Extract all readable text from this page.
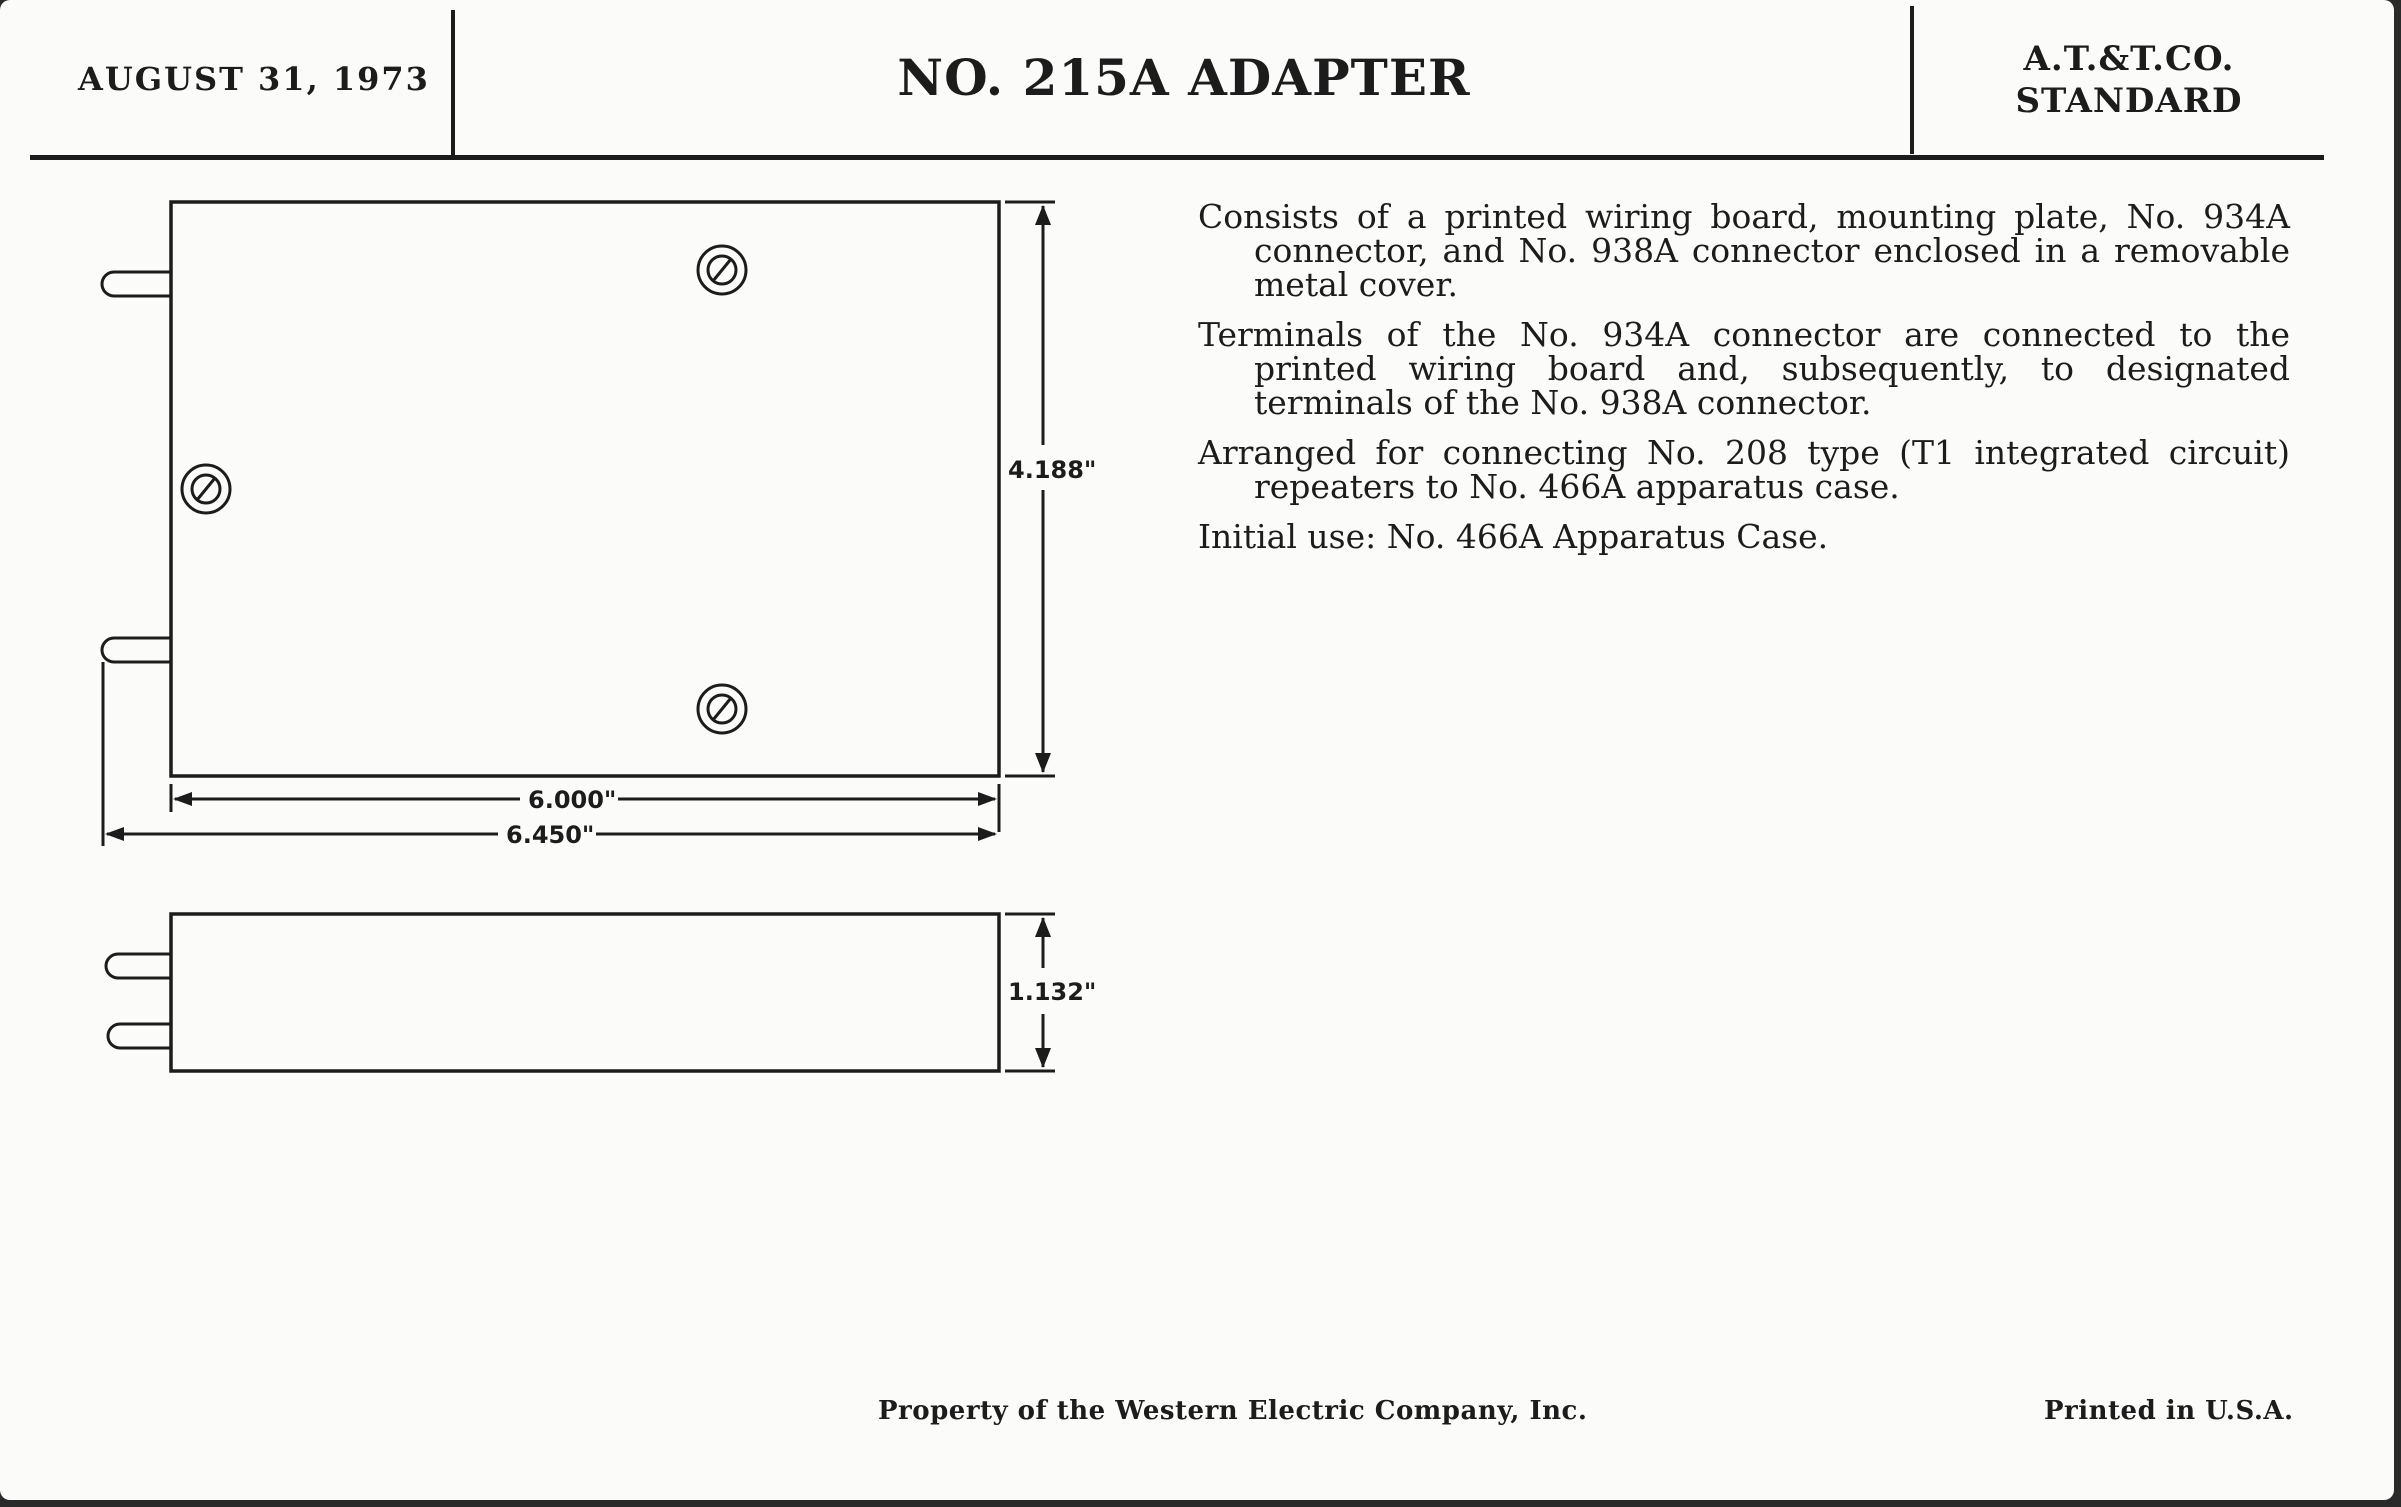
AUGUST 31, 1973	NO. 215A ADAPTER	A.T.&T.CO.
STANDARD
4.188"
6.000"
6.450"
1.132"

Consists of a printed wiring board, mounting plate, No. 934A connector, and No. 938A connector enclosed in a removable metal cover.

Terminals of the No. 934A connector are connected to the printed wiring board and, subsequently, to designated terminals of the No. 938A connector.

Arranged for connecting No. 208 type (T1 integrated circuit) repeaters to No. 466A apparatus case.

Initial use: No. 466A Apparatus Case.

Property of the Western Electric Company, Inc.	Printed in U.S.A.
